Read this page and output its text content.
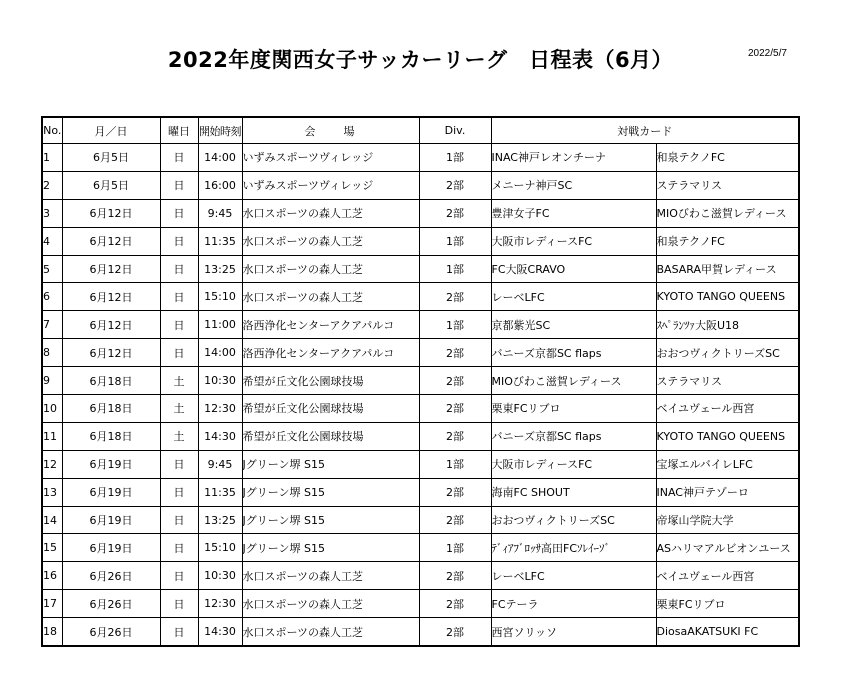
2022年度関西女子サッカーリーグ　日程表（6月）	2022/5/7
No.	月／日	曜日	開始時刻	会　　場	Div.	対戦カード	
1	6月5日	日	14:00	いずみスポーツヴィレッジ	1部	INAC神戸レオンチーナ	和泉テクノFC
2	6月5日	日	16:00	いずみスポーツヴィレッジ	2部	メニーナ神戸SC	ステラマリス
3	6月12日	日	9:45	水口スポーツの森人工芝	2部	豊津女子FC	MIOびわこ滋賀レディース
4	6月12日	日	11:35	水口スポーツの森人工芝	1部	大阪市レディースFC	和泉テクノFC
5	6月12日	日	13:25	水口スポーツの森人工芝	1部	FC大阪CRAVO	BASARA甲賀レディース
6	6月12日	日	15:10	水口スポーツの森人工芝	2部	レーベLFC	KYOTO TANGO QUEENS
7	6月12日	日	11:00	洛西浄化センターアクアパルコ	1部	京都紫光SC	ｽﾍﾟﾗﾝﾂｧ大阪U18
8	6月12日	日	14:00	洛西浄化センターアクアパルコ	2部	バニーズ京都SC flaps	おおつヴィクトリーズSC
9	6月18日	土	10:30	希望が丘文化公園球技場	2部	MIOびわこ滋賀レディース	ステラマリス
10	6月18日	土	12:30	希望が丘文化公園球技場	2部	栗東FCリブロ	ベイユヴェール西宮
11	6月18日	土	14:30	希望が丘文化公園球技場	2部	バニーズ京都SC flaps	KYOTO TANGO QUEENS
12	6月19日	日	9:45	Jグリーン堺 S15	1部	大阪市レディースFC	宝塚エルバイレLFC
13	6月19日	日	11:35	Jグリーン堺 S15	2部	海南FC SHOUT	INAC神戸テゾーロ
14	6月19日	日	13:25	Jグリーン堺 S15	2部	おおつヴィクトリーズSC	帝塚山学院大学
15	6月19日	日	15:10	Jグリーン堺 S15	1部	ﾃﾞｨｱﾌﾞﾛｯｻ高田FCｿﾚｲｰｿﾞ	ASハリマアルビオンユース
16	6月26日	日	10:30	水口スポーツの森人工芝	2部	レーベLFC	ベイユヴェール西宮
17	6月26日	日	12:30	水口スポーツの森人工芝	2部	FCテーラ	栗東FCリブロ
18	6月26日	日	14:30	水口スポーツの森人工芝	2部	西宮ソリッソ	DiosaAKATSUKI FC
